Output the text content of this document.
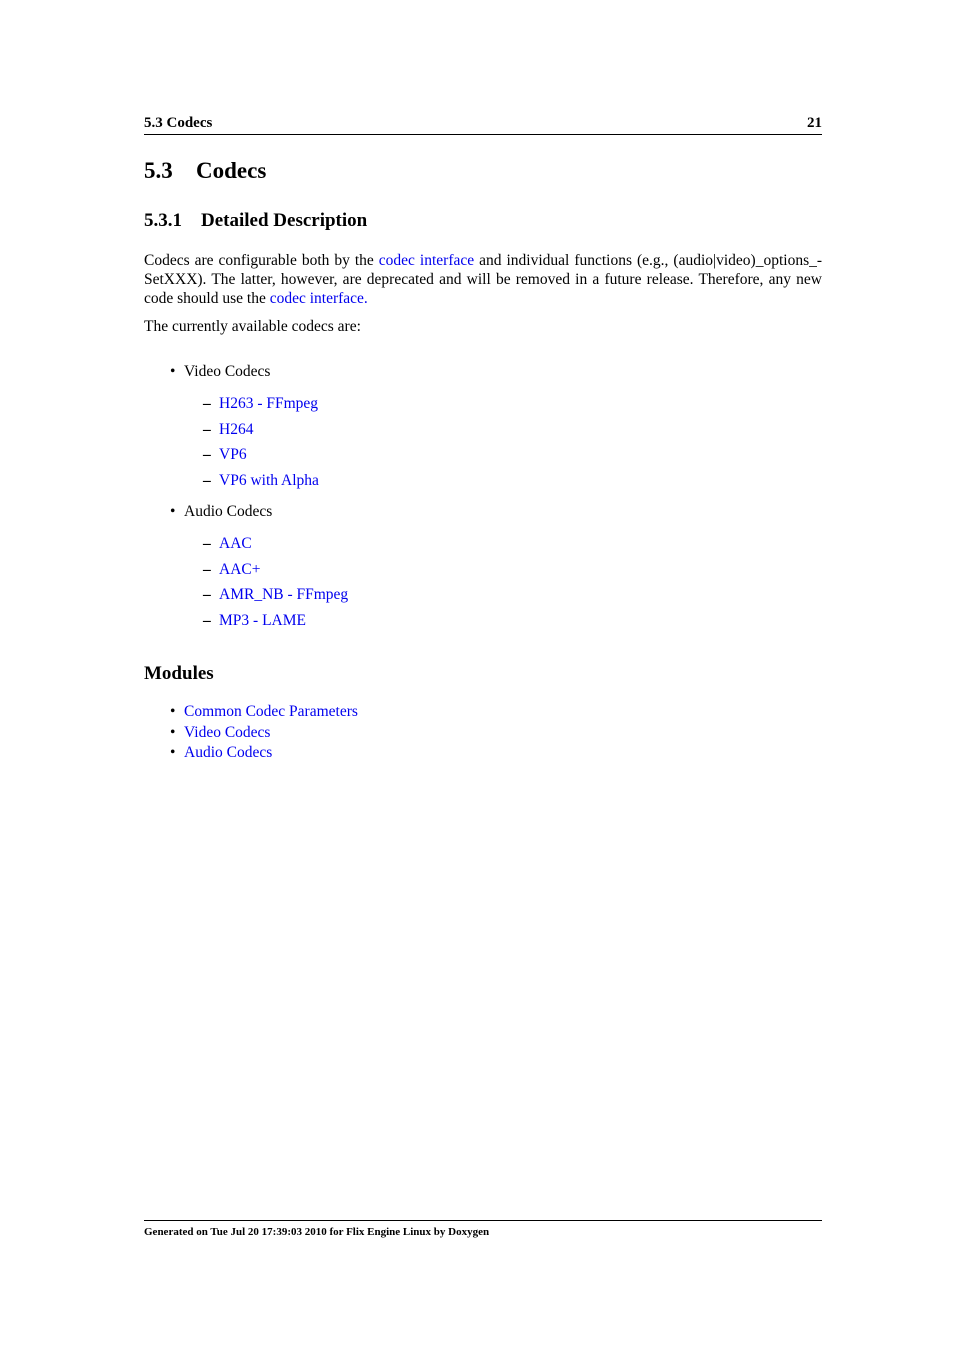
5.3 Codecs	21
5.3 Codecs
5.3.1 Detailed Description

Codecs are configurable both by the codec interface and individual functions (e.g., (audio|video)_options_-SetXXX). The latter, however, are deprecated and will be removed in a future release. Therefore, any new code should use the codec interface.

The currently available codecs are:

• Video Codecs
– H263 - FFmpeg
– H264
– VP6
– VP6 with Alpha
• Audio Codecs
– AAC
– AAC+
– AMR_NB - FFmpeg
– MP3 - LAME
Modules
• Common Codec Parameters
• Video Codecs
• Audio Codecs
Generated on Tue Jul 20 17:39:03 2010 for Flix Engine Linux by Doxygen
